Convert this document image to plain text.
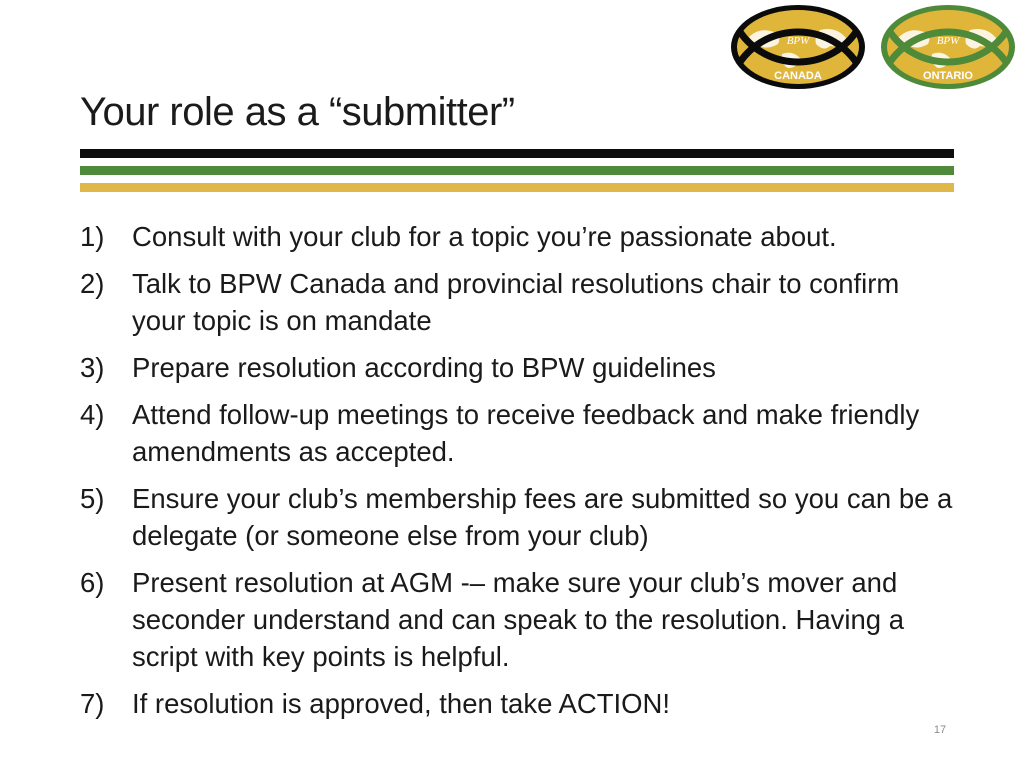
BPW
CANADA
BPW
ONTARIO
Your role as a “submitter”
1)	Consult with your club for a topic you’re passionate about.
2)	Talk to BPW Canada and provincial resolutions chair to confirm your topic is on mandate
3)	Prepare resolution according to BPW guidelines
4)	Attend follow-up meetings to receive feedback and make friendly amendments as accepted.
5)	Ensure your club’s membership fees are submitted so you can be a delegate (or someone else from your club)
6)	Present resolution at AGM -– make sure your club’s mover and seconder understand and can speak to the resolution. Having a script with key points is helpful.
7)	If resolution is approved, then take ACTION!
17
